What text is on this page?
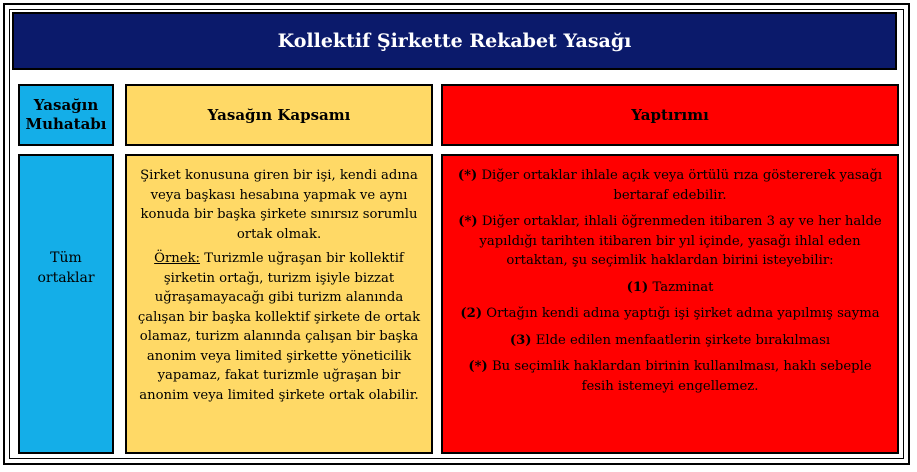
Kollektif Şirkette Rekabet Yasağı
Yasağın Muhatabı
Yasağın Kapsamı	Yaptırımı
Tüm ortaklar

Şirket konusuna giren bir işi, kendi adına veya başkası hesabına yapmak ve aynı konuda bir başka şirkete sınırsız sorumlu ortak olmak.

Örnek: Turizmle uğraşan bir kollektif şirketin ortağı, turizm işiyle bizzat uğraşamayacağı gibi turizm alanında çalışan bir başka kollektif şirkete de ortak olamaz, turizm alanında çalışan bir başka anonim veya limited şirkette yöneticilik yapamaz, fakat turizmle uğraşan bir anonim veya limited şirkete ortak olabilir.

(*) Diğer ortaklar ihlale açık veya örtülü rıza göstererek yasağı bertaraf edebilir.

(*) Diğer ortaklar, ihlali öğrenmeden itibaren 3 ay ve her halde yapıldığı tarihten itibaren bir yıl içinde, yasağı ihlal eden ortaktan, şu seçimlik haklardan birini isteyebilir:

(1) Tazminat

(2) Ortağın kendi adına yaptığı işi şirket adına yapılmış sayma

(3) Elde edilen menfaatlerin şirkete bırakılması

(*) Bu seçimlik haklardan birinin kullanılması, haklı sebeple fesih istemeyi engellemez.
